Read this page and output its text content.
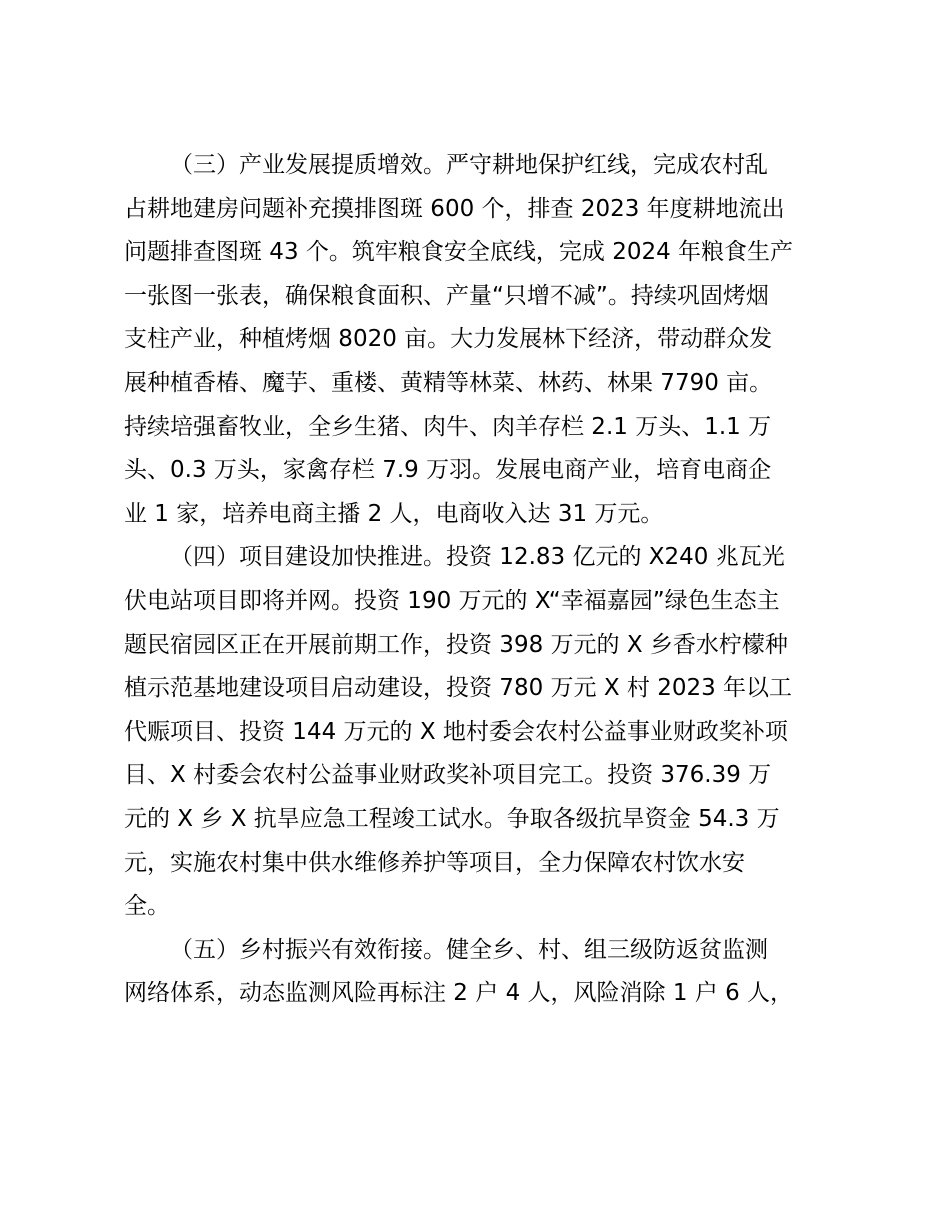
（三）产业发展提质增效。严守耕地保护红线，完成农村乱
占耕地建房问题补充摸排图斑 600 个，排查 2023 年度耕地流出
问题排查图斑 43 个。筑牢粮食安全底线，完成 2024 年粮食生产
一张图一张表，确保粮食面积、产量“只增不减”。持续巩固烤烟
支柱产业，种植烤烟 8020 亩。大力发展林下经济，带动群众发
展种植香椿、魔芋、重楼、黄精等林菜、林药、林果 7790 亩。
持续培强畜牧业，全乡生猪、肉牛、肉羊存栏 2.1 万头、1.1 万
头、0.3 万头，家禽存栏 7.9 万羽。发展电商产业，培育电商企
业 1 家，培养电商主播 2 人，电商收入达 31 万元。
（四）项目建设加快推进。投资 12.83 亿元的 X240 兆瓦光
伏电站项目即将并网。投资 190 万元的 X“幸福嘉园”绿色生态主
题民宿园区正在开展前期工作，投资 398 万元的 X 乡香水柠檬种
植示范基地建设项目启动建设，投资 780 万元 X 村 2023 年以工
代赈项目、投资 144 万元的 X 地村委会农村公益事业财政奖补项
目、X 村委会农村公益事业财政奖补项目完工。投资 376.39 万
元的 X 乡 X 抗旱应急工程竣工试水。争取各级抗旱资金 54.3 万
元，实施农村集中供水维修养护等项目，全力保障农村饮水安
全。
（五）乡村振兴有效衔接。健全乡、村、组三级防返贫监测
网络体系，动态监测风险再标注 2 户 4 人，风险消除 1 户 6 人，
